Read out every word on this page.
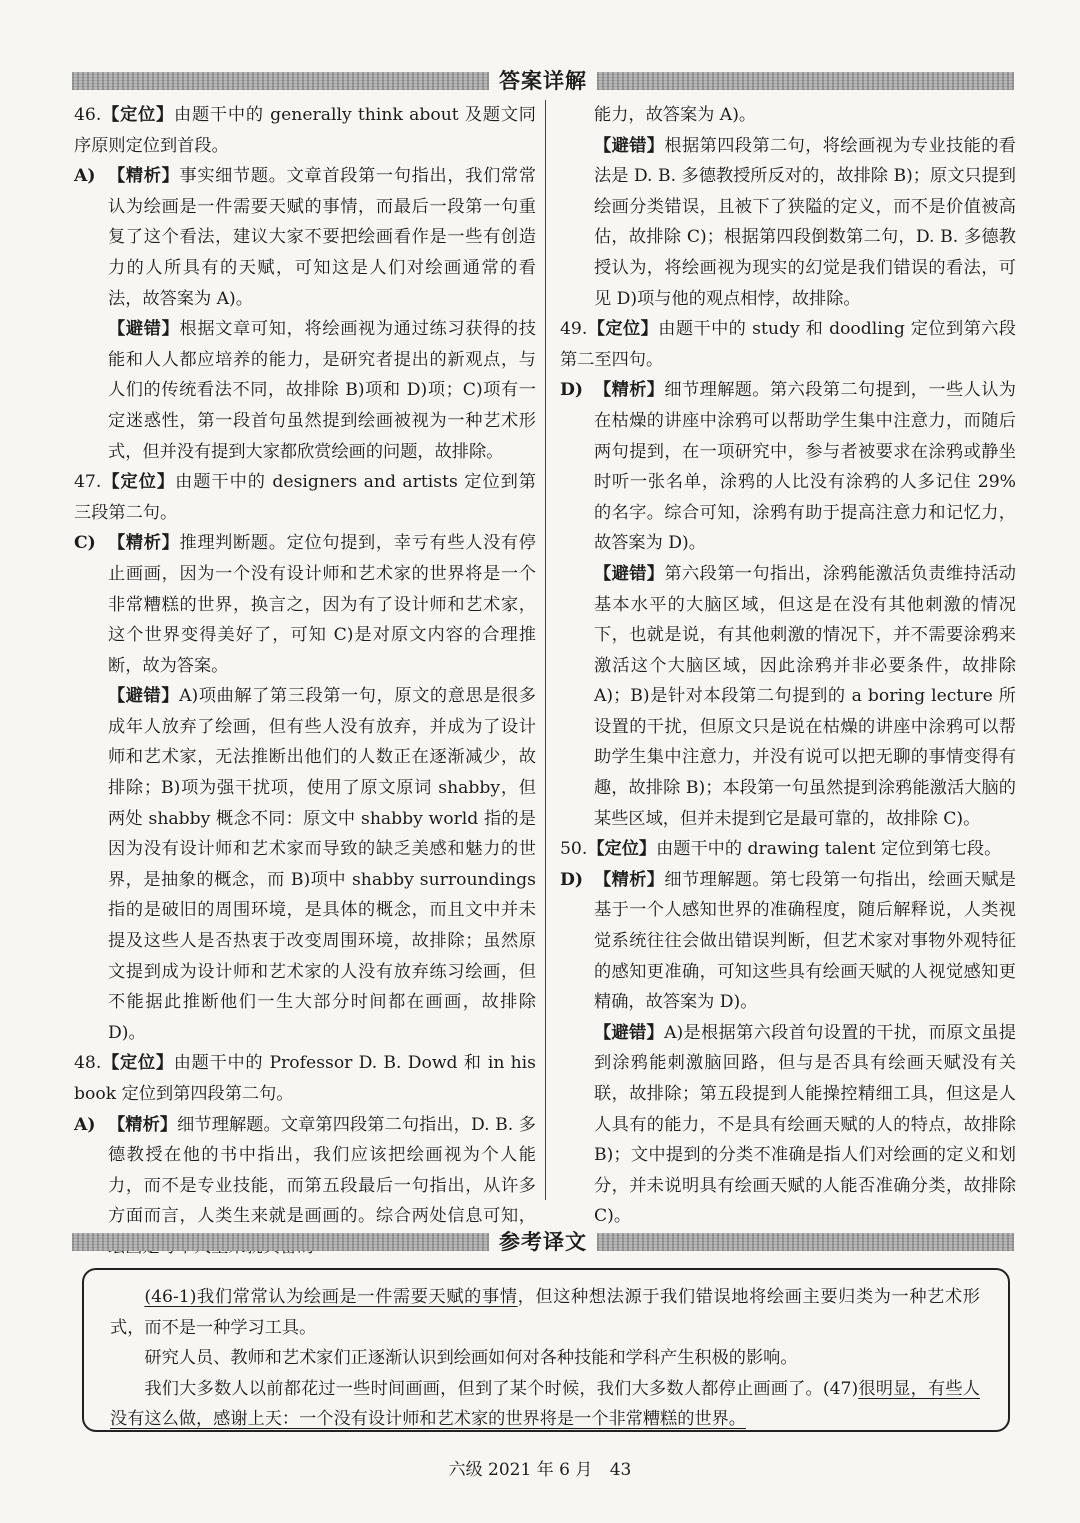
答案详解
46.【定位】由题干中的 generally think about 及题文同序原则定位到首段。
A) 【精析】事实细节题。文章首段第一句指出，我们常常认为绘画是一件需要天赋的事情，而最后一段第一句重复了这个看法，建议大家不要把绘画看作是一些有创造力的人所具有的天赋，可知这是人们对绘画通常的看法，故答案为 A)。
【避错】根据文章可知，将绘画视为通过练习获得的技能和人人都应培养的能力，是研究者提出的新观点，与人们的传统看法不同，故排除 B)项和 D)项；C)项有一定迷惑性，第一段首句虽然提到绘画被视为一种艺术形式，但并没有提到大家都欣赏绘画的问题，故排除。
47.【定位】由题干中的 designers and artists 定位到第三段第二句。
C) 【精析】推理判断题。定位句提到，幸亏有些人没有停止画画，因为一个没有设计师和艺术家的世界将是一个非常糟糕的世界，换言之，因为有了设计师和艺术家，这个世界变得美好了，可知 C)是对原文内容的合理推断，故为答案。
【避错】A)项曲解了第三段第一句，原文的意思是很多成年人放弃了绘画，但有些人没有放弃，并成为了设计师和艺术家，无法推断出他们的人数正在逐渐减少，故排除；B)项为强干扰项，使用了原文原词 shabby，但两处 shabby 概念不同：原文中 shabby world 指的是因为没有设计师和艺术家而导致的缺乏美感和魅力的世界，是抽象的概念，而 B)项中 shabby surroundings 指的是破旧的周围环境，是具体的概念，而且文中并未提及这些人是否热衷于改变周围环境，故排除；虽然原文提到成为设计师和艺术家的人没有放弃练习绘画，但不能据此推断他们一生大部分时间都在画画，故排除 D)。
48.【定位】由题干中的 Professor D. B. Dowd 和 in his book 定位到第四段第二句。
A) 【精析】细节理解题。文章第四段第二句指出，D. B. 多德教授在他的书中指出，我们应该把绘画视为个人能力，而不是专业技能，而第五段最后一句指出，从许多方面而言，人类生来就是画画的。综合两处信息可知，
能力，故答案为 A)。
【避错】根据第四段第二句，将绘画视为专业技能的看法是 D. B. 多德教授所反对的，故排除 B)；原文只提到绘画分类错误，且被下了狭隘的定义，而不是价值被高估，故排除 C)；根据第四段倒数第二句，D. B. 多德教授认为，将绘画视为现实的幻觉是我们错误的看法，可见 D)项与他的观点相悖，故排除。
49.【定位】由题干中的 study 和 doodling 定位到第六段第二至四句。
D) 【精析】细节理解题。第六段第二句提到，一些人认为在枯燥的讲座中涂鸦可以帮助学生集中注意力，而随后两句提到，在一项研究中，参与者被要求在涂鸦或静坐时听一张名单，涂鸦的人比没有涂鸦的人多记住 29% 的名字。综合可知，涂鸦有助于提高注意力和记忆力，故答案为 D)。
【避错】第六段第一句指出，涂鸦能激活负责维持活动基本水平的大脑区域，但这是在没有其他刺激的情况下，也就是说，有其他刺激的情况下，并不需要涂鸦来激活这个大脑区域，因此涂鸦并非必要条件，故排除 A)；B)是针对本段第二句提到的 a boring lecture 所设置的干扰，但原文只是说在枯燥的讲座中涂鸦可以帮助学生集中注意力，并没有说可以把无聊的事情变得有趣，故排除 B)；本段第一句虽然提到涂鸦能激活大脑的某些区域，但并未提到它是最可靠的，故排除 C)。
50.【定位】由题干中的 drawing talent 定位到第七段。
D) 【精析】细节理解题。第七段第一句指出，绘画天赋是基于一个人感知世界的准确程度，随后解释说，人类视觉系统往往会做出错误判断，但艺术家对事物外观特征的感知更准确，可知这些具有绘画天赋的人视觉感知更精确，故答案为 D)。
【避错】A)是根据第六段首句设置的干扰，而原文虽提到涂鸦能刺激脑回路，但与是否具有绘画天赋没有关联，故排除；第五段提到人能操控精细工具，但这是人人具有的能力，不是具有绘画天赋的人的特点，故排除 B)；文中提到的分类不准确是指人们对绘画的定义和划分，并未说明具有绘画天赋的人能否准确分类，故排除 C)。
参考译文
(46-1)我们常常认为绘画是一件需要天赋的事情，但这种想法源于我们错误地将绘画主要归类为一种艺术形式，而不是一种学习工具。
研究人员、教师和艺术家们正逐渐认识到绘画如何对各种技能和学科产生积极的影响。
我们大多数人以前都花过一些时间画画，但到了某个时候，我们大多数人都停止画画了。(47)很明显，有些人没有这么做，感谢上天：一个没有设计师和艺术家的世界将是一个非常糟糕的世界。
六级 2021 年 6 月 43
